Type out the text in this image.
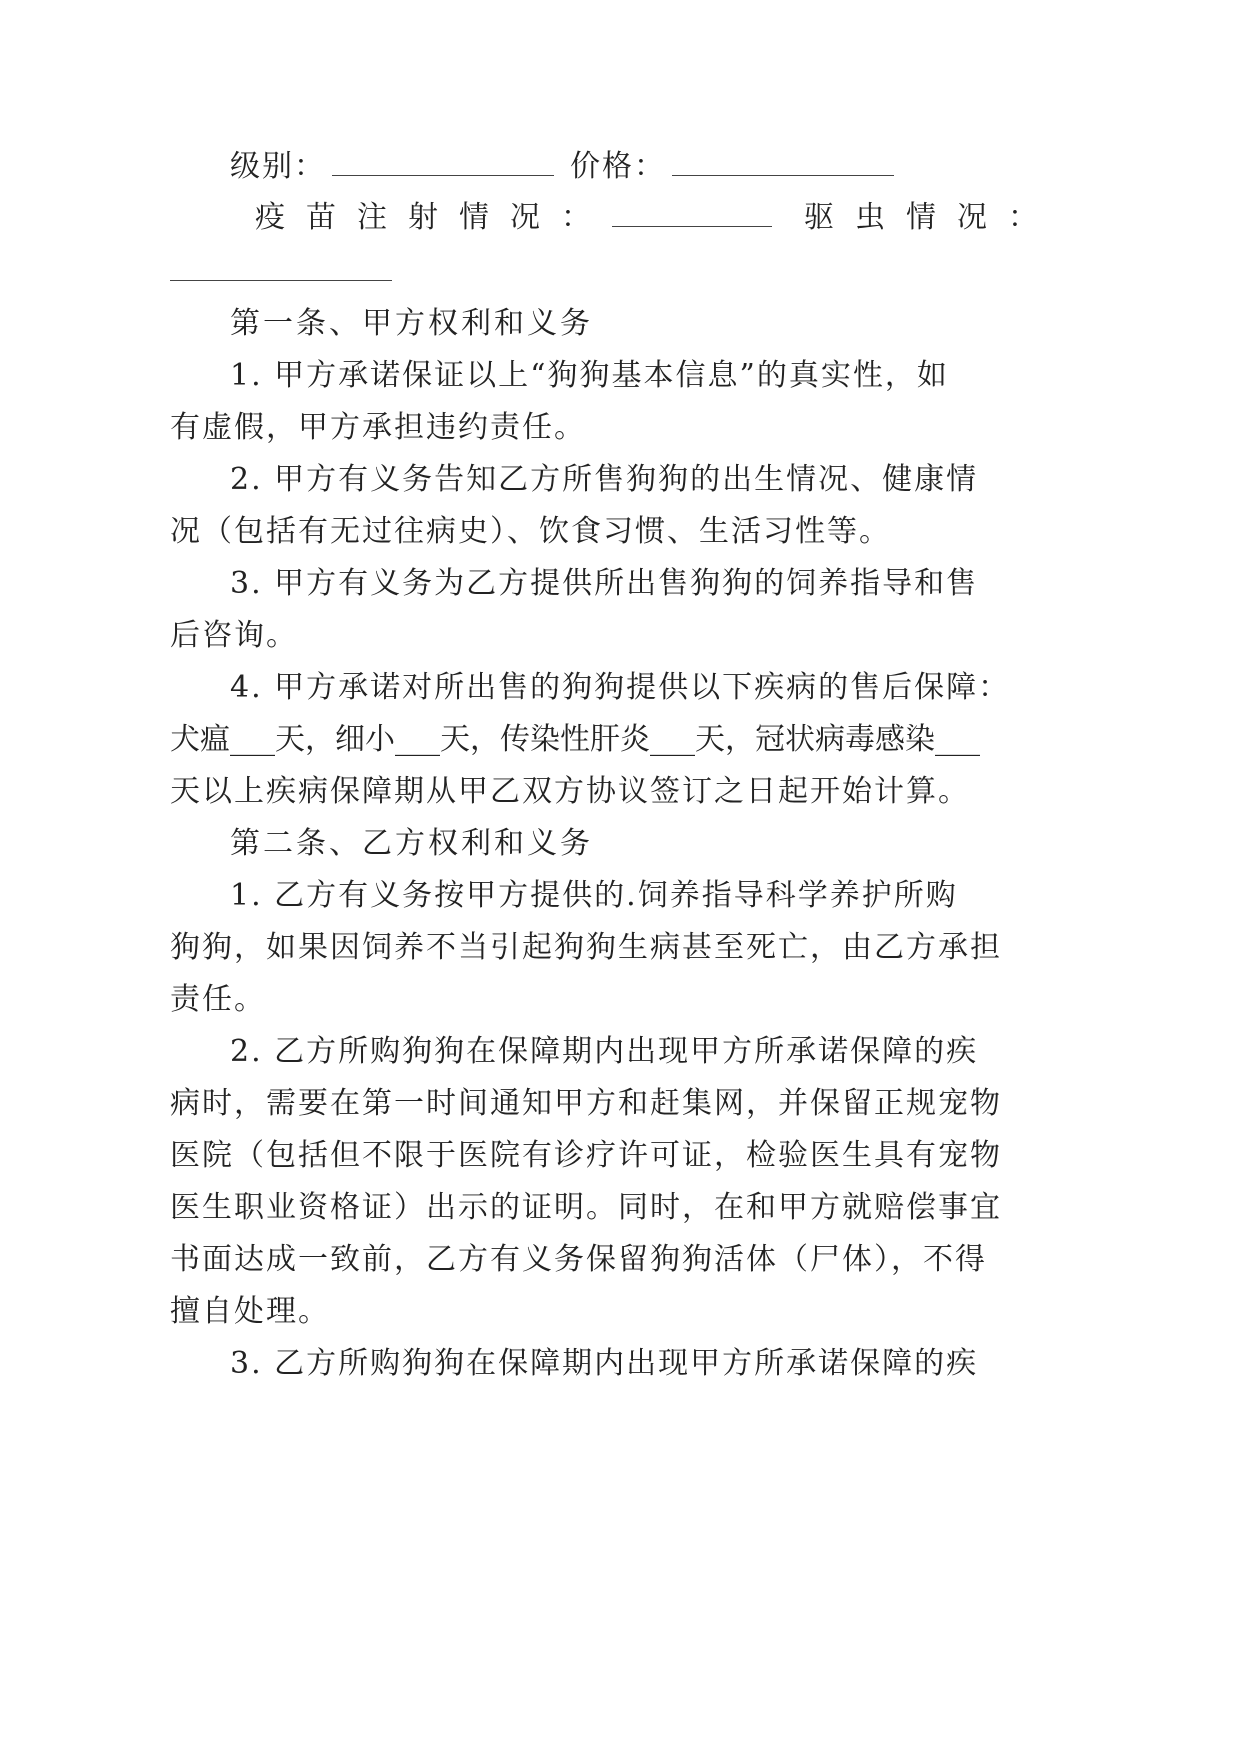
级别：	价格：
疫苗注射情况：	驱虫情况：
第一条、甲方权利和义务
1. 甲方承诺保证以上“狗狗基本信息”的真实性，如
有虚假，甲方承担违约责任。
2. 甲方有义务告知乙方所售狗狗的出生情况、健康情
况（包括有无过往病史）、饮食习惯、生活习性等。
3. 甲方有义务为乙方提供所出售狗狗的饲养指导和售
后咨询。
4. 甲方承诺对所出售的狗狗提供以下疾病的售后保障：
犬瘟___天，细小___天，传染性肝炎___天，冠状病毒感染___
天以上疾病保障期从甲乙双方协议签订之日起开始计算。
第二条、乙方权利和义务
1. 乙方有义务按甲方提供的.饲养指导科学养护所购
狗狗，如果因饲养不当引起狗狗生病甚至死亡，由乙方承担
责任。
2. 乙方所购狗狗在保障期内出现甲方所承诺保障的疾
病时，需要在第一时间通知甲方和赶集网，并保留正规宠物
医院（包括但不限于医院有诊疗许可证，检验医生具有宠物
医生职业资格证）出示的证明。同时，在和甲方就赔偿事宜
书面达成一致前，乙方有义务保留狗狗活体（尸体），不得
擅自处理。
3. 乙方所购狗狗在保障期内出现甲方所承诺保障的疾
